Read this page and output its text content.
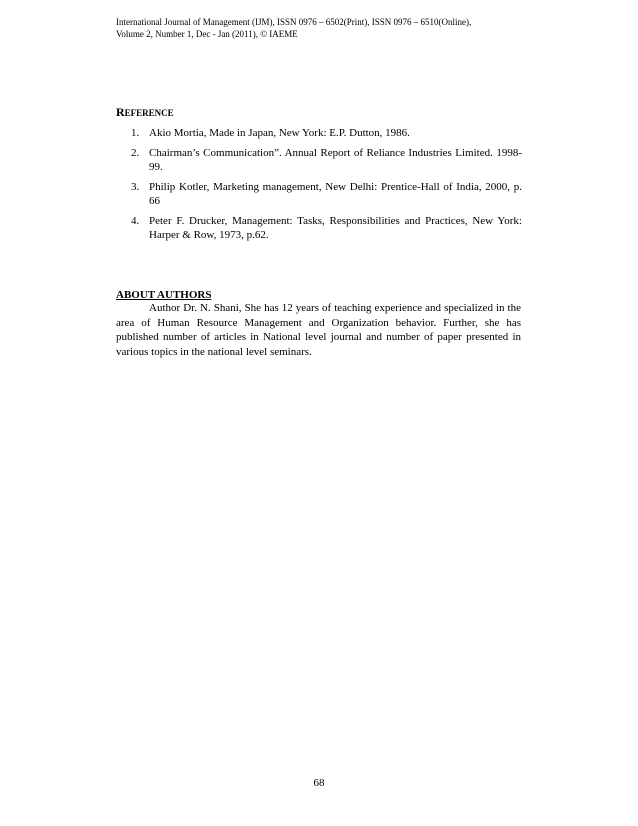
International Journal of Management (IJM), ISSN 0976 – 6502(Print), ISSN 0976 – 6510(Online),
Volume 2, Number 1, Dec - Jan (2011), © IAEME
REFERENCE
1. Akio Mortia, Made in Japan, New York: E.P. Dutton, 1986.
2. Chairman’s Communication”. Annual Report of Reliance Industries Limited. 1998-99.
3. Philip Kotler, Marketing management, New Delhi: Prentice-Hall of India, 2000, p. 66
4. Peter F. Drucker, Management: Tasks, Responsibilities and Practices, New York: Harper & Row, 1973, p.62.
ABOUT AUTHORS

Author Dr. N. Shani, She has 12 years of teaching experience and specialized in the area of Human Resource Management and Organization behavior. Further, she has published number of articles in National level journal and number of paper presented in various topics in the national level seminars.

68
